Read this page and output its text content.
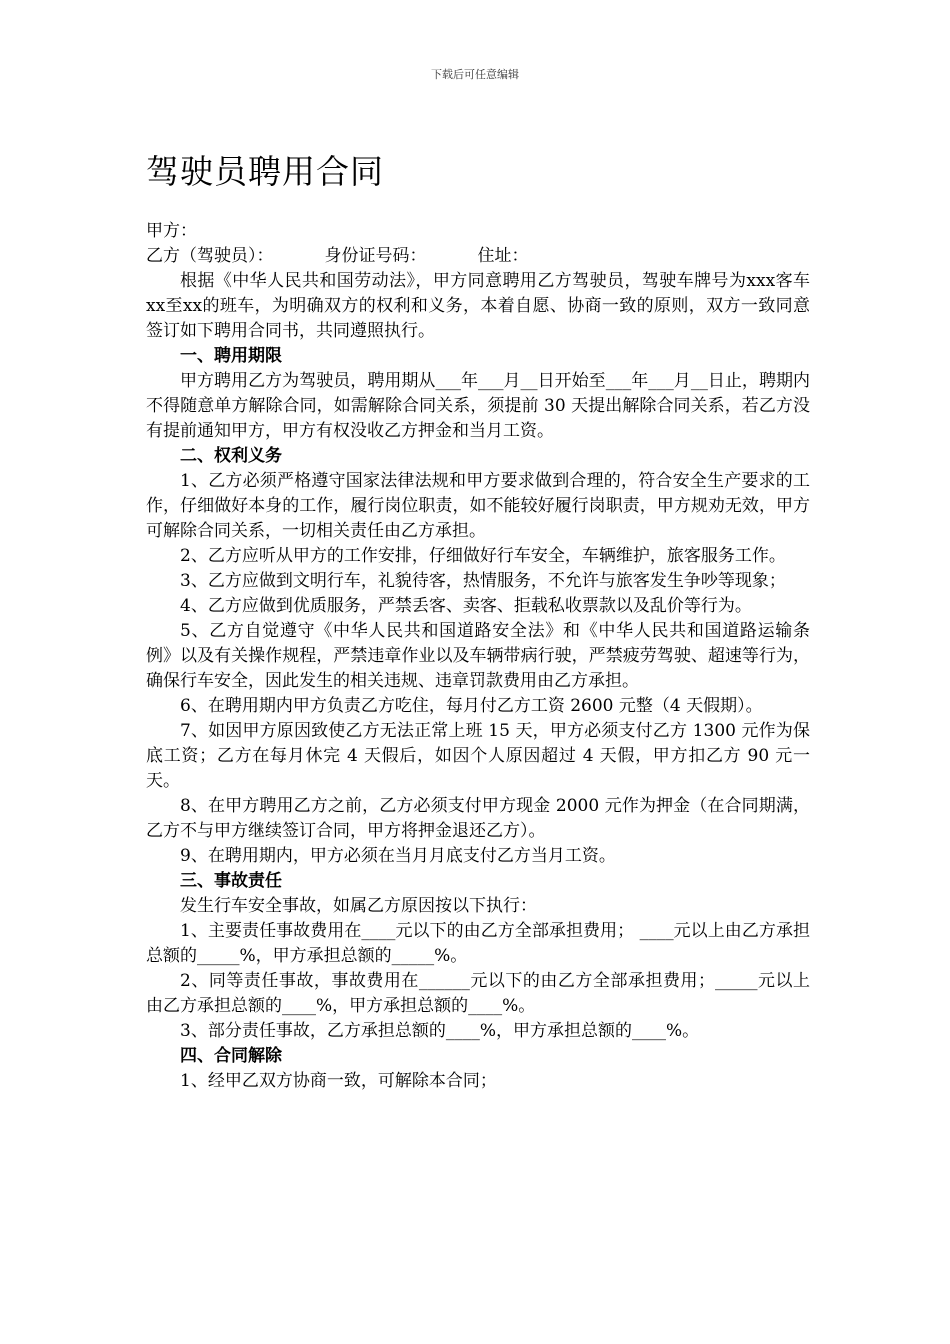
下载后可任意编辑
驾驶员聘用合同

甲方：

乙方（驾驶员）：	身份证号码：	住址：

根据《中华人民共和国劳动法》，甲方同意聘用乙方驾驶员，驾驶车牌号为xxx客车xx至xx的班车，为明确双方的权利和义务，本着自愿、协商一致的原则，双方一致同意签订如下聘用合同书，共同遵照执行。

一、聘用期限

甲方聘用乙方为驾驶员，聘用期从___年___月__日开始至___年___月__日止，聘期内不得随意单方解除合同，如需解除合同关系，须提前 30 天提出解除合同关系，若乙方没有提前通知甲方，甲方有权没收乙方押金和当月工资。

二、权利义务

1、乙方必须严格遵守国家法律法规和甲方要求做到合理的，符合安全生产要求的工作，仔细做好本身的工作，履行岗位职责，如不能较好履行岗职责，甲方规劝无效，甲方可解除合同关系，一切相关责任由乙方承担。

2、乙方应听从甲方的工作安排，仔细做好行车安全，车辆维护，旅客服务工作。

3、乙方应做到文明行车，礼貌待客，热情服务，不允许与旅客发生争吵等现象；

4、乙方应做到优质服务，严禁丢客、卖客、拒载私收票款以及乱价等行为。

5、乙方自觉遵守《中华人民共和国道路安全法》和《中华人民共和国道路运输条例》以及有关操作规程，严禁违章作业以及车辆带病行驶，严禁疲劳驾驶、超速等行为，确保行车安全，因此发生的相关违规、违章罚款费用由乙方承担。

6、在聘用期内甲方负责乙方吃住，每月付乙方工资 2600 元整（4 天假期）。

7、如因甲方原因致使乙方无法正常上班 15 天，甲方必须支付乙方 1300 元作为保底工资；乙方在每月休完 4 天假后，如因个人原因超过 4 天假，甲方扣乙方 90 元一天。

8、在甲方聘用乙方之前，乙方必须支付甲方现金 2000 元作为押金（在合同期满，乙方不与甲方继续签订合同，甲方将押金退还乙方）。

9、在聘用期内，甲方必须在当月月底支付乙方当月工资。

三、事故责任

发生行车安全事故，如属乙方原因按以下执行：

1、主要责任事故费用在____元以下的由乙方全部承担费用； ____元以上由乙方承担总额的_____%，甲方承担总额的_____%。

2、同等责任事故，事故费用在______元以下的由乙方全部承担费用；_____元以上由乙方承担总额的____%，甲方承担总额的____%。

3、部分责任事故，乙方承担总额的____%，甲方承担总额的____%。

四、合同解除

1、经甲乙双方协商一致，可解除本合同；
